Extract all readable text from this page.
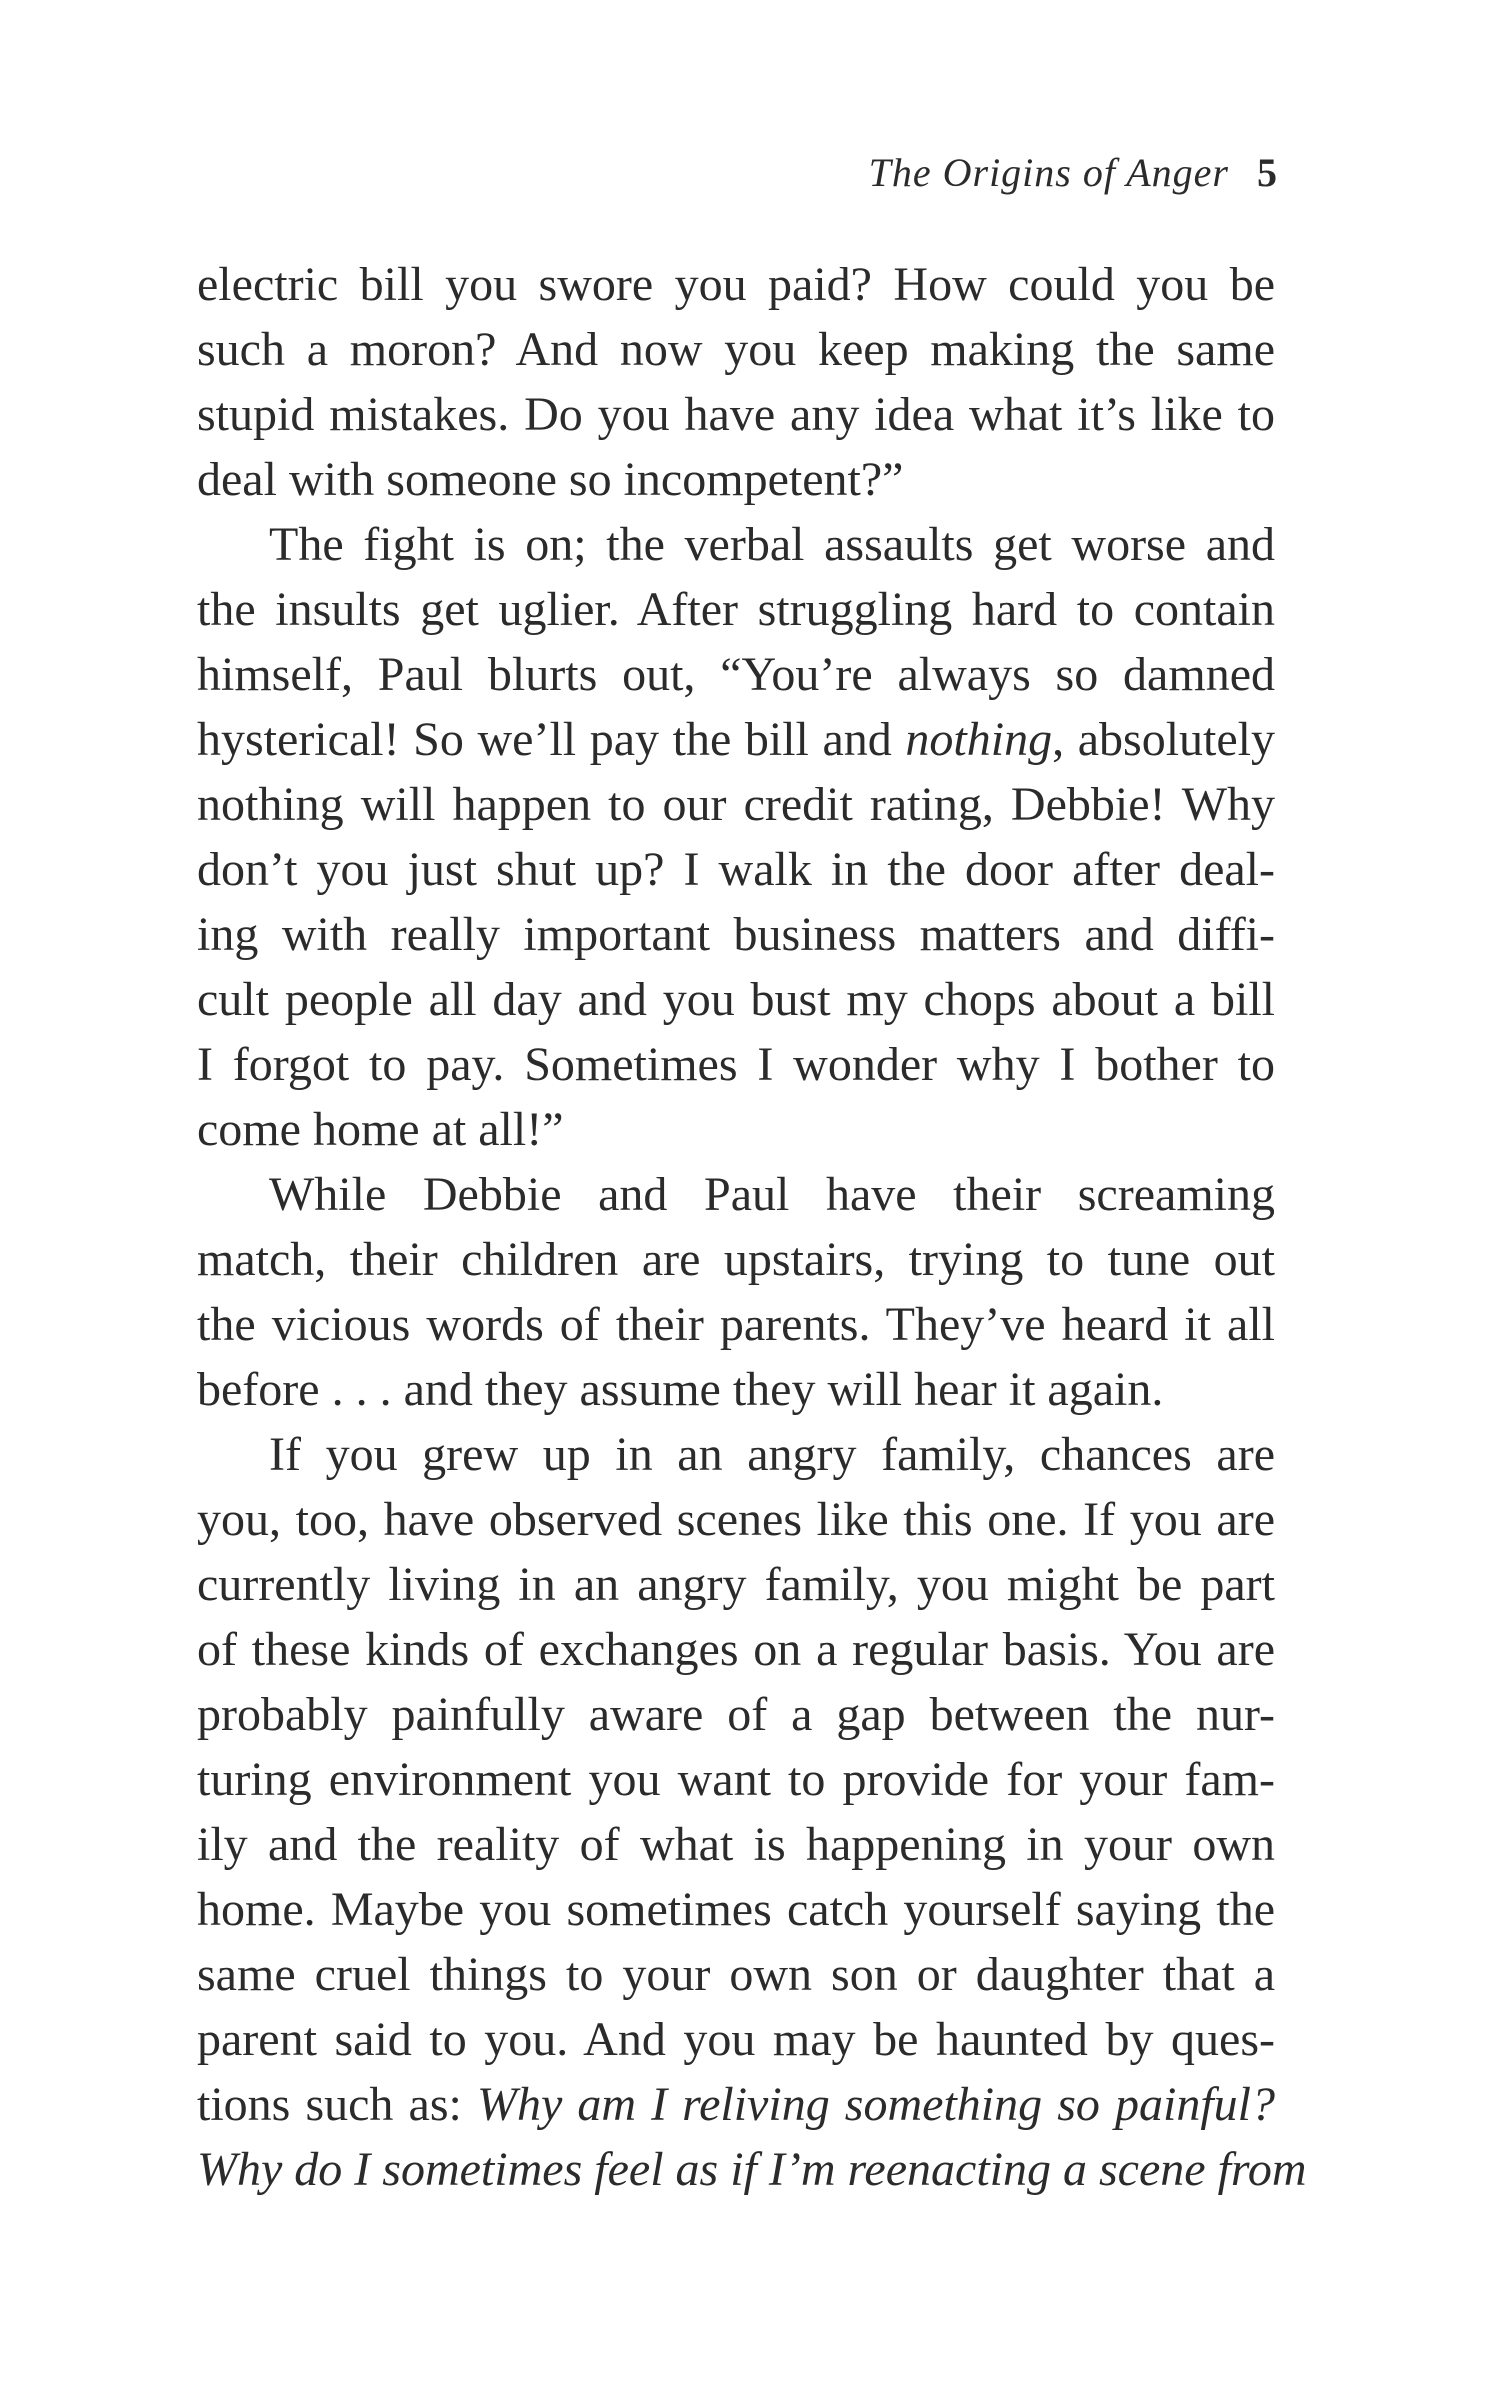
The Origins of Anger 5
electric bill you swore you paid? How could you be
such a moron? And now you keep making the same
stupid mistakes. Do you have any idea what it’s like to
deal with someone so incompetent?”
The fight is on; the verbal assaults get worse and
the insults get uglier. After struggling hard to contain
himself, Paul blurts out, “You’re always so damned
hysterical! So we’ll pay the bill and nothing, absolutely
nothing will happen to our credit rating, Debbie! Why
don’t you just shut up? I walk in the door after deal-
ing with really important business matters and diffi-
cult people all day and you bust my chops about a bill
I forgot to pay. Sometimes I wonder why I bother to
come home at all!”
While Debbie and Paul have their screaming
match, their children are upstairs, trying to tune out
the vicious words of their parents. They’ve heard it all
before . . . and they assume they will hear it again.
If you grew up in an angry family, chances are
you, too, have observed scenes like this one. If you are
currently living in an angry family, you might be part
of these kinds of exchanges on a regular basis. You are
probably painfully aware of a gap between the nur-
turing environment you want to provide for your fam-
ily and the reality of what is happening in your own
home. Maybe you sometimes catch yourself saying the
same cruel things to your own son or daughter that a
parent said to you. And you may be haunted by ques-
tions such as: Why am I reliving something so painful?
Why do I sometimes feel as if I’m reenacting a scene from
